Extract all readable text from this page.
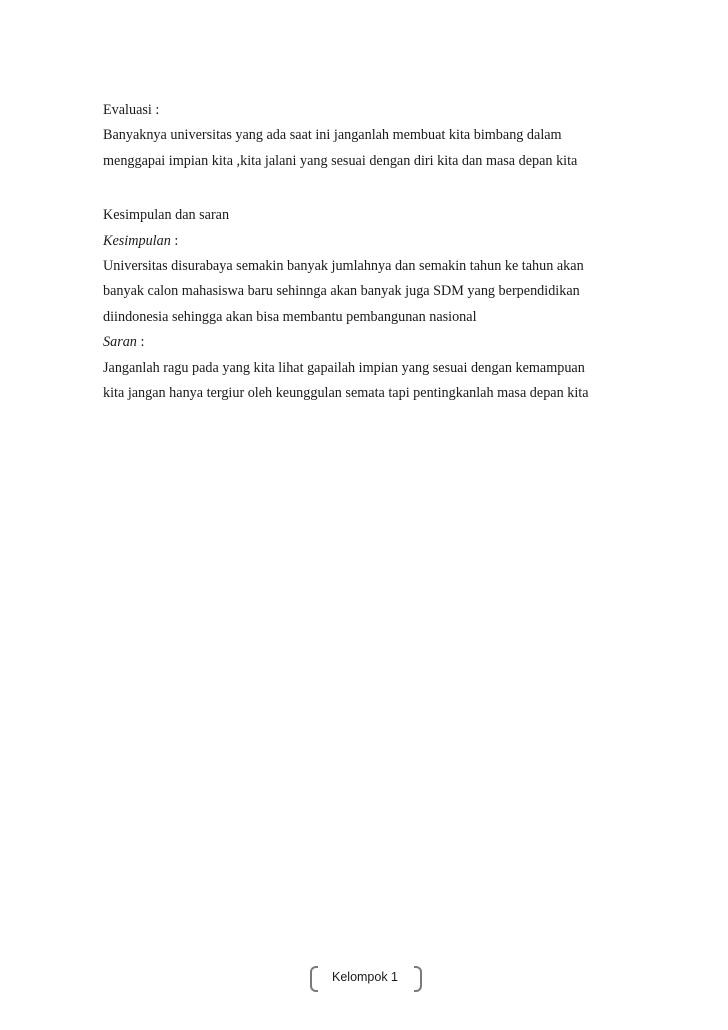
Evaluasi :
Banyaknya universitas yang ada saat ini janganlah membuat kita bimbang dalam
menggapai impian kita ,kita jalani yang sesuai dengan diri kita dan masa depan kita
Kesimpulan dan saran
Kesimpulan :
Universitas disurabaya semakin banyak jumlahnya dan semakin tahun ke tahun akan
banyak calon mahasiswa baru sehinnga akan banyak juga SDM yang berpendidikan
diindonesia sehingga akan bisa membantu pembangunan nasional
Saran :
Janganlah ragu pada yang kita lihat gapailah impian yang sesuai dengan kemampuan
kita jangan hanya tergiur oleh keunggulan semata tapi pentingkanlah masa depan kita
Kelompok 1
